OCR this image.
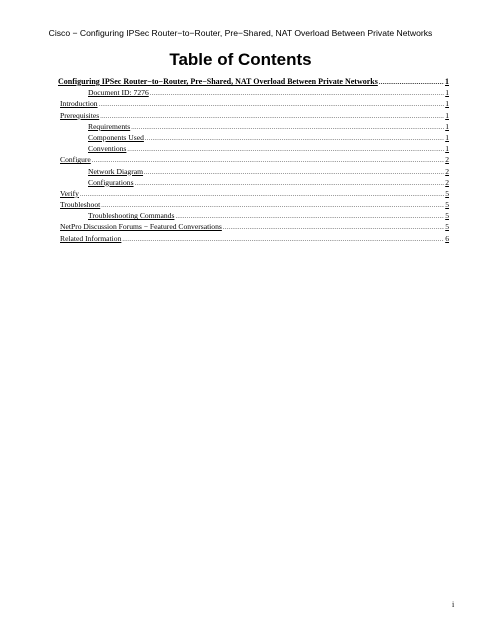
Cisco − Configuring IPSec Router−to−Router, Pre−Shared, NAT Overload Between Private Networks
Table of Contents
Configuring IPSec Router−to−Router, Pre−Shared, NAT Overload Between Private Networks .....	1
Document ID: 7276 .....	1
Introduction .....	1
Prerequisites .....	1
Requirements .....	1
Components Used .....	1
Conventions .....	1
Configure .....	2
Network Diagram .....	2
Configurations .....	2
Verify .....	5
Troubleshoot .....	5
Troubleshooting Commands .....	5
NetPro Discussion Forums − Featured Conversations .....	5
Related Information .....	6
i
